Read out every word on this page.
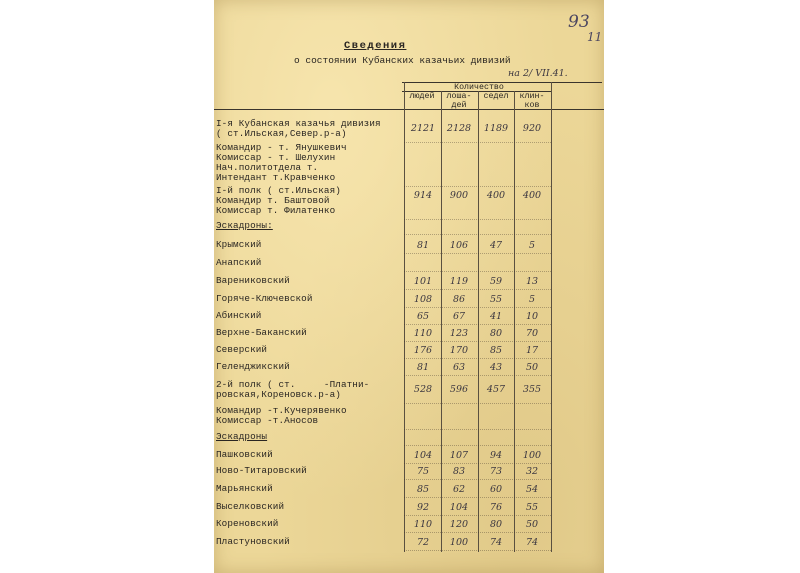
93
11
Сведения
о состоянии Кубанских казачьих дивизий
на 2/ VII.41.
Количество
людей	лоша-
дей
седел	клин-
ков
I-я Кубанская казачья дивизия
( ст.Ильская,Север.р-а)	2121 2128 1189	920
Командир - т. Янушкевич
Комиссар - т. Шелухин
Нач.политотдела т.
Интендант т.Кравченко
I-й полк ( ст.Ильская)
Командир т. Баштовой
Комиссар т. Филатенко
914	900	400	400
Эскадроны:
Крымский	81	106	47	5
Анапский
Варениковский	101	119	59	13
Горяче-Ключевской	108	86	55	5
Абинский	65	67	41	10
Верхне-Баканский	110	123	80	70
Северский	176	170	85	17
Геленджикский	81	63	43	50
2-й полк ( ст.     -Платни-
ровская,Кореновск.р-а)	528	596	457	355
Командир -т.Кучерявенко
Комиссар -т.Аносов
Эскадроны
Пашковский	104	107	94	100
Ново-Титаровский	75	83	73	32
Марьянский	85	62	60	54
Выселковский	92	104	76	55
Кореновский	110	120	80	50
Пластуновский	72	100	74	74
